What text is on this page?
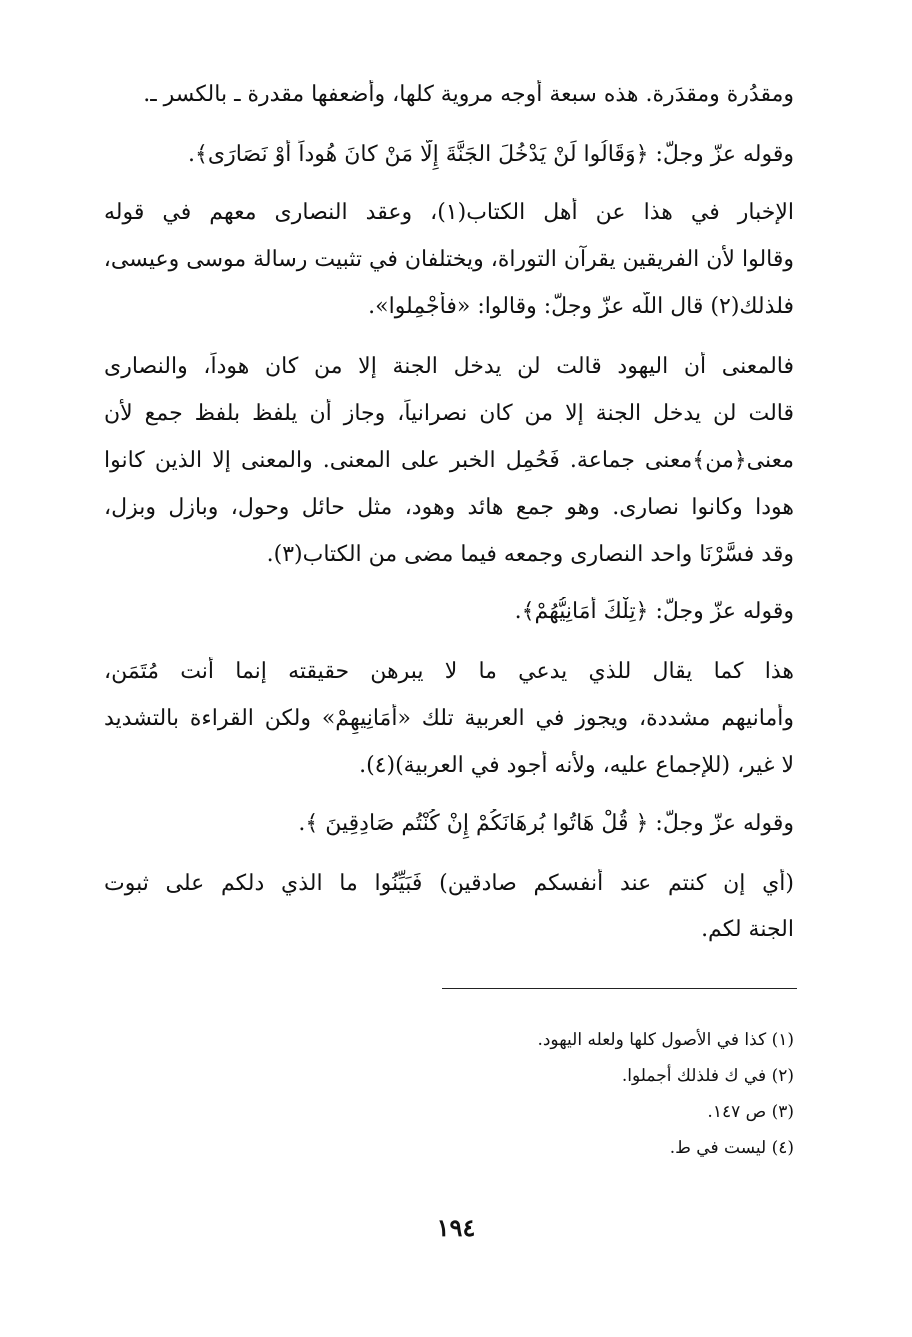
ومقدُرة ومقدَرة. هذه سبعة أوجه مروية كلها، وأضعفها مقدرة ـ بالكسر ـ.
وقوله عزّ وجلّ: ﴿وَقَالُوا لَنْ يَدْخُلَ الجَنَّةَ إِلَّا مَنْ كانَ هُوداً أَوْ نَصَارَى﴾.
الإخبار في هذا عن أهل الكتاب(١)، وعقد النصارى معهم في قوله
وقالوا لأن الفريقين يقرآن التوراة، ويختلفان في تثبيت رسالة موسى وعيسى،
فلذلك(٢) قال اللّه عزّ وجلّ: وقالوا: «فأَجْمِلوا».
فالمعنى أن اليهود قالت لن يدخل الجنة إلا من كان هوداً، والنصارى
قالت لن يدخل الجنة إلا من كان نصرانياً، وجاز أن يلفظ بلفظ جمع لأن
معنى﴿من﴾معنى جماعة. فَحُمِل الخبر على المعنى. والمعنى إلا الذين كانوا
هودا وكانوا نصارى. وهو جمع هائد وهود، مثل حائل وحول، وبازل وبزل،
وقد فسَّرْنَا واحد النصارى وجمعه فيما مضى من الكتاب(٣).
وقوله عزّ وجلّ: ﴿تِلْكَ أَمَانِيُّهُمْ﴾.
هذا كما يقال للذي يدعي ما لا يبرهن حقيقته إنما أنت مُتَمَن،
وأمانيهم مشددة، ويجوز في العربية تلك «أَمَانِيهِمْ» ولكن القراءة بالتشديد
لا غير، (للإجماع عليه، ولأنه أجود في العربية)(٤).
وقوله عزّ وجلّ: ﴿ قُلْ هَاتُوا بُرهَانَكُمْ إِنْ كُنْتُم صَادِقِينَ ﴾.
(أي إن كنتم عند أنفسكم صادقين) فَبَيِّنُوا ما الذي دلكم على ثبوت
الجنة لكم.
(١) كذا في الأصول كلها ولعله اليهود.
(٢) في ك فلذلك أجملوا.
(٣) ص ١٤٧.
(٤) ليست في ط.
١٩٤
